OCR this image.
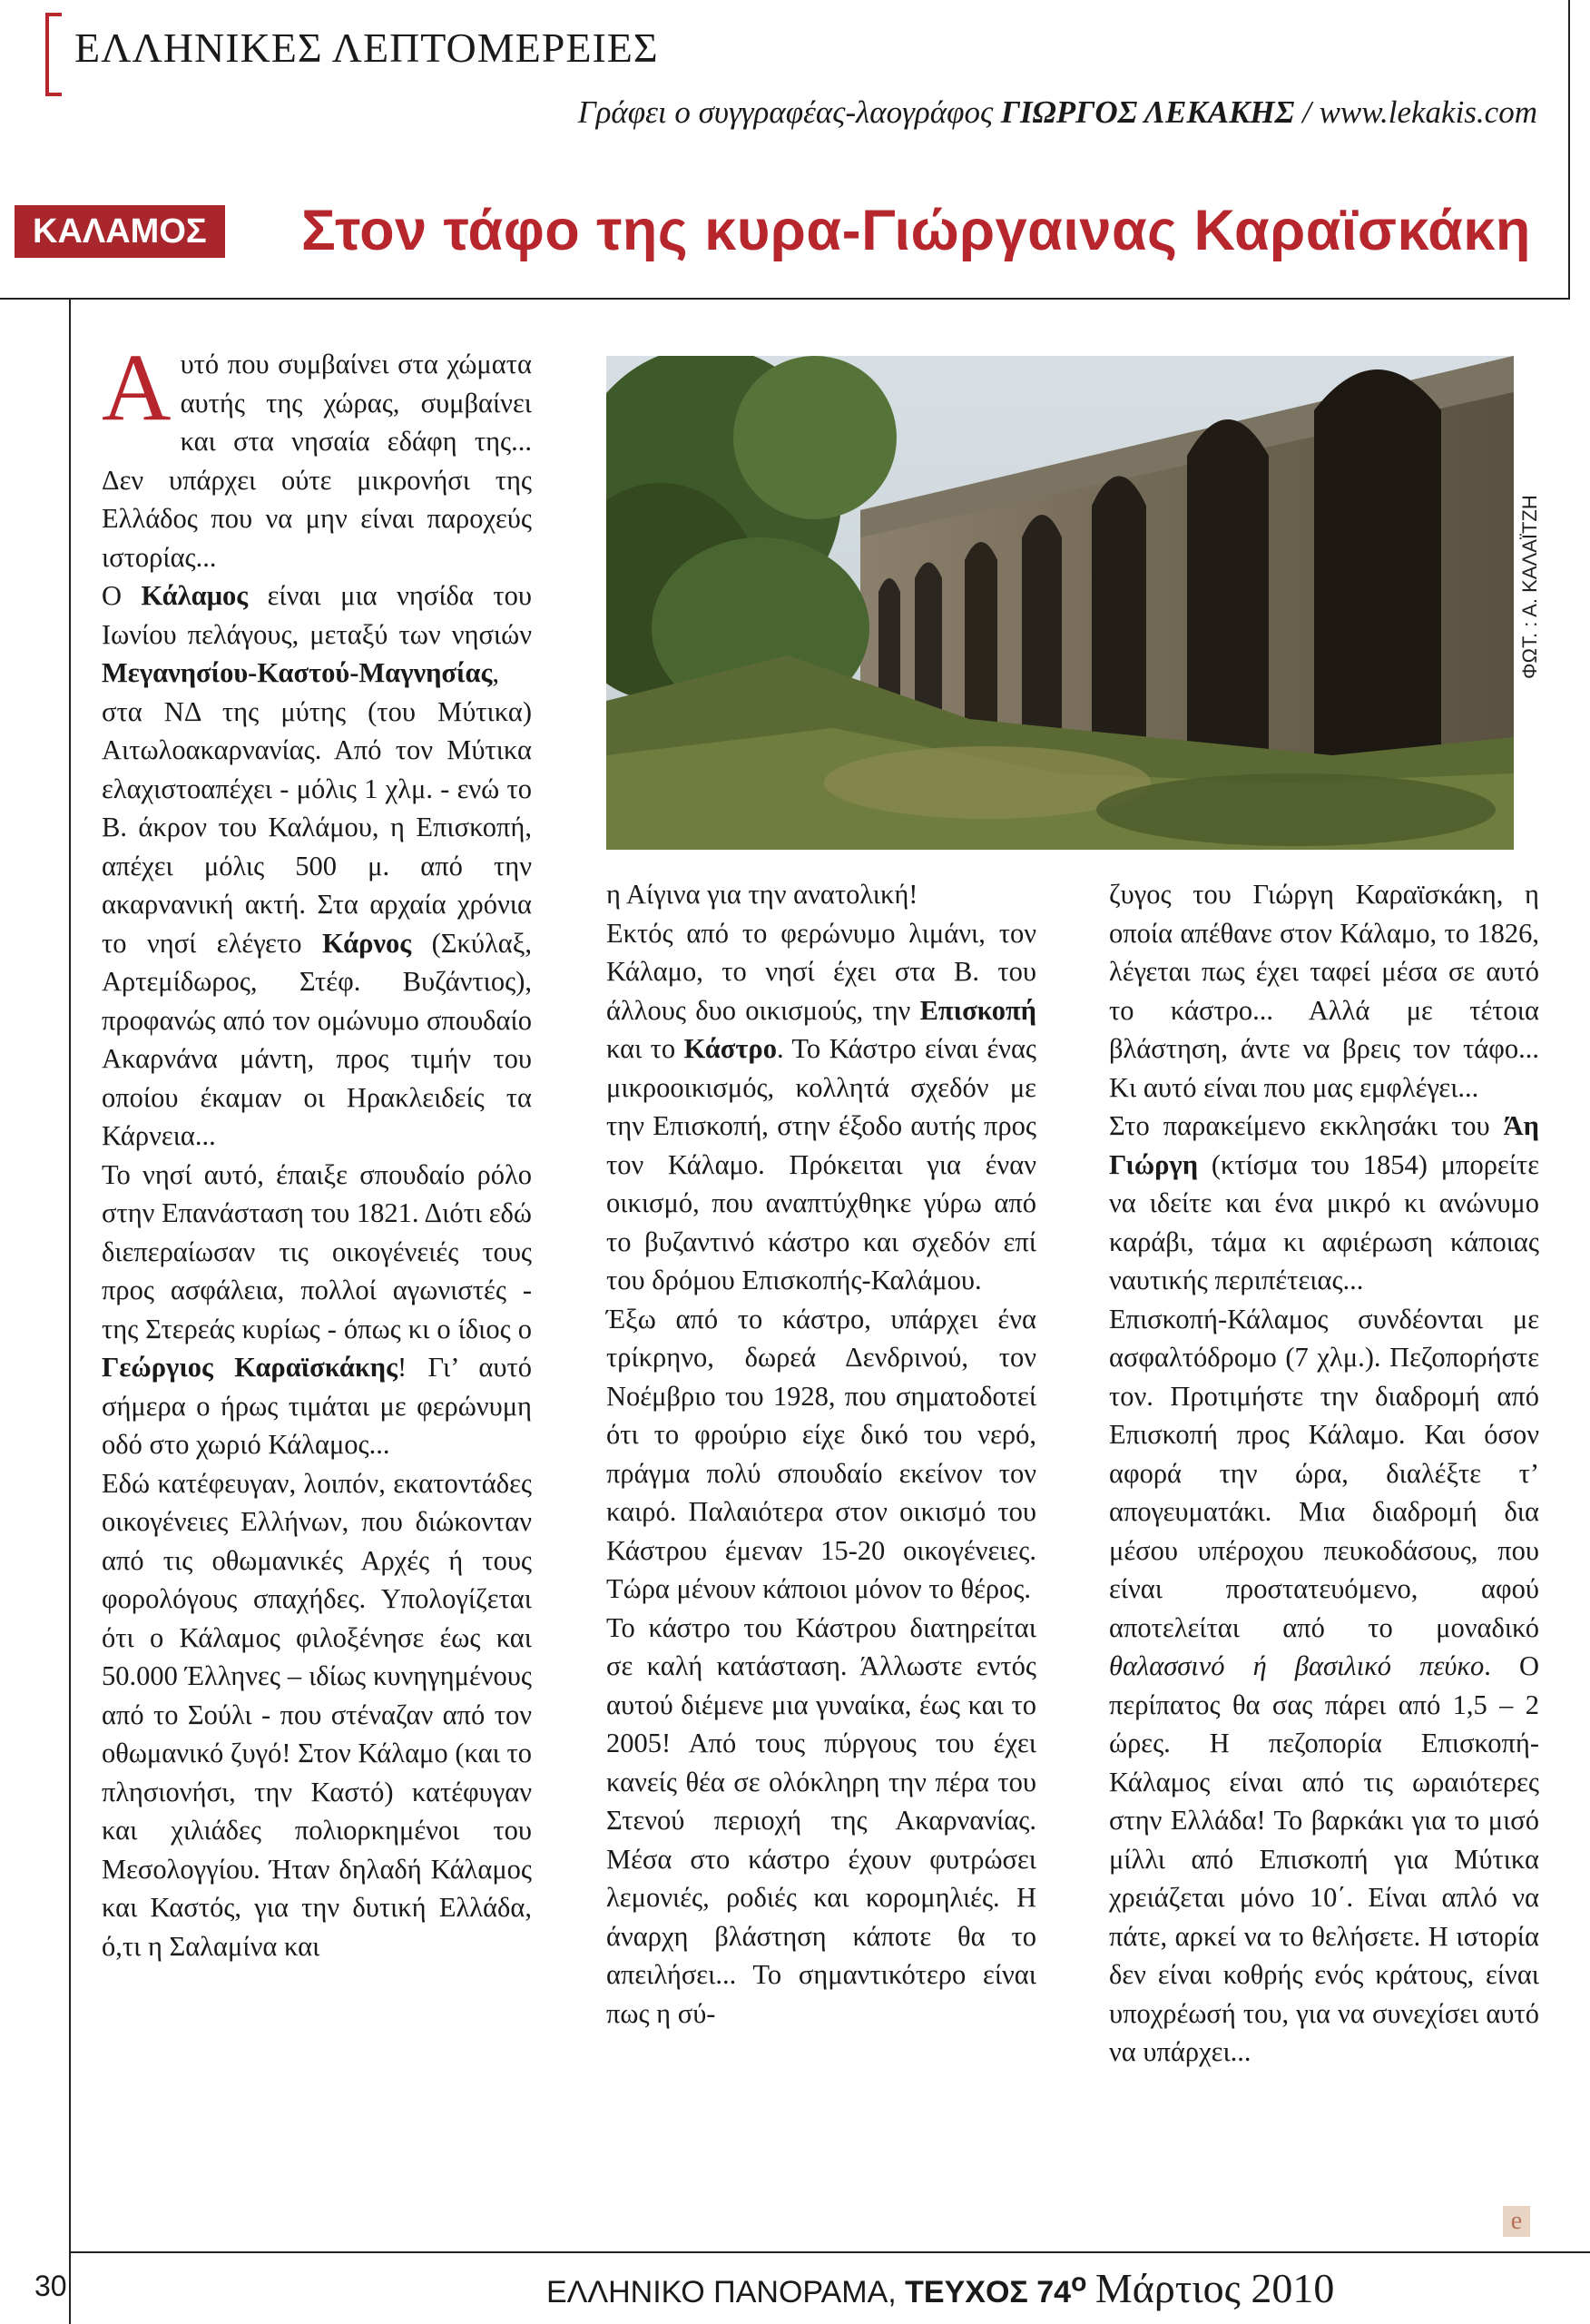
ΕΛΛΗΝΙΚΕΣ ΛΕΠΤΟΜΕΡΕΙΕΣ
Γράφει ο συγγραφέας-λαογράφος ΓΙΩΡΓΟΣ ΛΕΚΑΚΗΣ / www.lekakis.com
ΚΑΛΑΜΟΣ	Στον τάφο της κυρα-Γιώργαινας Καραϊσκάκη

Αυτό που συμβαίνει στα χώματα αυτής της χώρας, συμβαίνει και στα νησαία εδάφη της... Δεν υπάρχει ούτε μικρονήσι της Ελλάδος που να μην είναι παροχεύς ιστορίας...

Ο Κάλαμος είναι μια νησίδα του Ιωνίου πελάγους, μεταξύ των νησιών Μεγανησίου-Καστού-Μαγνησίας, στα ΝΔ της μύτης (του Μύτικα) Αιτωλοακαρνανίας. Από τον Μύτικα ελαχιστοαπέχει - μόλις 1 χλμ. - ενώ το Β. άκρον του Καλάμου, η Επισκοπή, απέχει μόλις 500 μ. από την ακαρνανική ακτή. Στα αρχαία χρόνια το νησί ελέγετο Κάρνος (Σκύλαξ, Αρτεμίδωρος, Στέφ. Βυζάντιος), προφανώς από τον ομώνυμο σπουδαίο Ακαρνάνα μάντη, προς τιμήν του οποίου έκαμαν οι Ηρακλειδείς τα Κάρνεια...

Το νησί αυτό, έπαιξε σπουδαίο ρόλο στην Επανάσταση του 1821. Διότι εδώ διεπεραίωσαν τις οικογένειές τους προς ασφάλεια, πολλοί αγωνιστές - της Στερεάς κυρίως - όπως κι ο ίδιος ο Γεώργιος Καραϊσκάκης! Γι’ αυτό σήμερα ο ήρως τιμάται με φερώνυμη οδό στο χωριό Κάλαμος...

Εδώ κατέφευγαν, λοιπόν, εκατοντάδες οικογένειες Ελλήνων, που διώκονταν από τις οθωμανικές Αρχές ή τους φορολόγους σπαχήδες. Υπολογίζεται ότι ο Κάλαμος φιλοξένησε έως και 50.000 Έλληνες – ιδίως κυνηγημένους από το Σούλι - που στέναζαν από τον οθωμανικό ζυγό! Στον Κάλαμο (και το πλησιονήσι, την Καστό) κατέφυγαν και χιλιάδες πολιορκημένοι του Μεσολογγίου. Ήταν δηλαδή Κάλαμος και Καστός, για την δυτική Ελλάδα, ό,τι η Σαλαμίνα και

ΦΩΤ. : Α. ΚΑΛΑΪΤΖΗ

η Αίγινα για την ανατολική!

Εκτός από το φερώνυμο λιμάνι, τον Κάλαμο, το νησί έχει στα Β. του άλλους δυο οικισμούς, την Επισκοπή και το Κάστρο. Το Κάστρο είναι ένας μικροοικισμός, κολλητά σχεδόν με την Επισκοπή, στην έξοδο αυτής προς τον Κάλαμο. Πρόκειται για έναν οικισμό, που αναπτύχθηκε γύρω από το βυζαντινό κάστρο και σχεδόν επί του δρόμου Επισκοπής-Καλάμου.

Έξω από το κάστρο, υπάρχει ένα τρίκρηνο, δωρεά Δενδρινού, τον Νοέμβριο του 1928, που σηματοδοτεί ότι το φρούριο είχε δικό του νερό, πράγμα πολύ σπουδαίο εκείνον τον καιρό. Παλαιότερα στον οικισμό του Κάστρου έμεναν 15-20 οικογένειες. Τώρα μένουν κάποιοι μόνον το θέρος.

Το κάστρο του Κάστρου διατηρείται σε καλή κατάσταση. Άλλωστε εντός αυτού διέμενε μια γυναίκα, έως και το 2005! Από τους πύργους του έχει κανείς θέα σε ολόκληρη την πέρα του Στενού περιοχή της Ακαρνανίας. Μέσα στο κάστρο έχουν φυτρώσει λεμονιές, ροδιές και κορομηλιές. Η άναρχη βλάστηση κάποτε θα το απειλήσει... Το σημαντικότερο είναι πως η σύ-

ζυγος του Γιώργη Καραϊσκάκη, η οποία απέθανε στον Κάλαμο, το 1826, λέγεται πως έχει ταφεί μέσα σε αυτό το κάστρο... Αλλά με τέτοια βλάστηση, άντε να βρεις τον τάφο... Κι αυτό είναι που μας εμφλέγει...

Στο παρακείμενο εκκλησάκι του Άη Γιώργη (κτίσμα του 1854) μπορείτε να ιδείτε και ένα μικρό κι ανώνυμο καράβι, τάμα κι αφιέρωση κάποιας ναυτικής περιπέτειας...

Επισκοπή-Κάλαμος συνδέονται με ασφαλτόδρομο (7 χλμ.). Πεζοπορήστε τον. Προτιμήστε την διαδρομή από Επισκοπή προς Κάλαμο. Και όσον αφορά την ώρα, διαλέξτε τ’ απογευματάκι. Μια διαδρομή δια μέσου υπέροχου πευκοδάσους, που είναι προστατευόμενο, αφού αποτελείται από το μοναδικό θαλασσινό ή βασιλικό πεύκο. Ο περίπατος θα σας πάρει από 1,5 – 2 ώρες. Η πεζοπορία Επισκοπή-Κάλαμος είναι από τις ωραιότερες στην Ελλάδα! Το βαρκάκι για το μισό μίλλι από Επισκοπή για Μύτικα χρειάζεται μόνο 10΄. Είναι απλό να πάτε, αρκεί να το θελήσετε. Η ιστορία δεν είναι κοθρής ενός κράτους, είναι υποχρέωσή του, για να συνεχίσει αυτό να υπάρχει...

e
30	ΕΛΛΗΝΙΚΟ ΠΑΝΟΡΑΜΑ, ΤΕΥΧΟΣ $74^o$ Μάρτιος 2010
